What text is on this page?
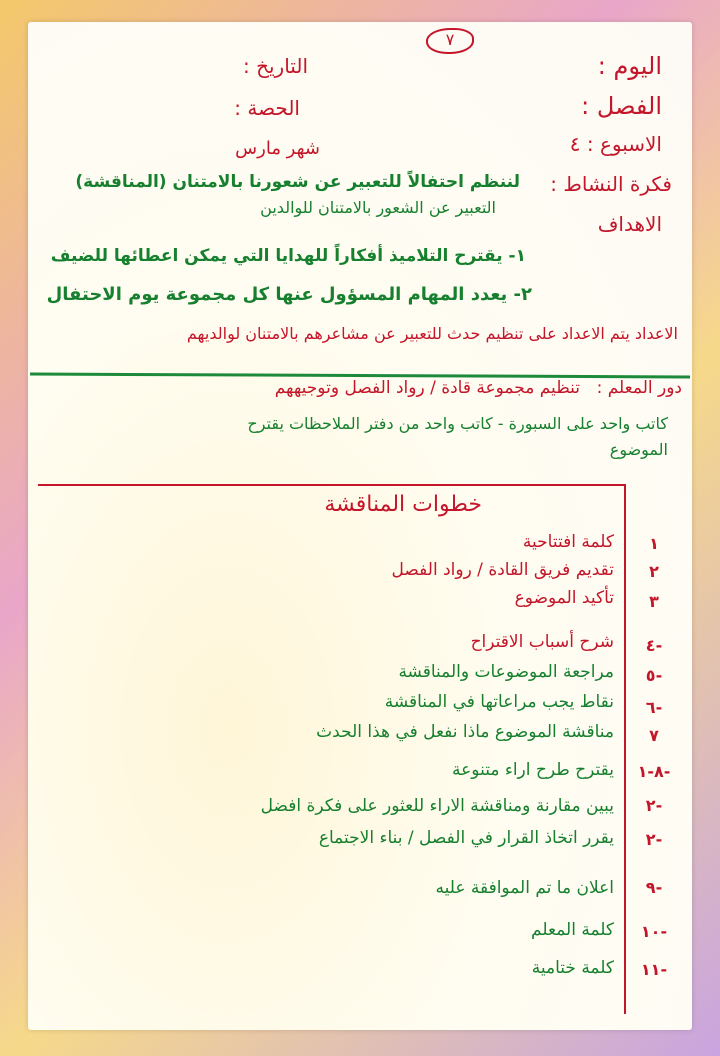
٧
اليوم :
التاريخ :
الفصل :
الحصة :
الاسبوع : ٤
شهر مارس
فكرة النشاط :
لننظم احتفالاً للتعبير عن شعورنا بالامتنان (المناقشة)
التعبير عن الشعور بالامتنان للوالدين
الاهداف
١- يقترح التلاميذ أفكاراً للهدايا التي يمكن اعطائها للضيف
٢- يعدد المهام المسؤول عنها كل مجموعة يوم الاحتفال
الاعداد يتم الاعداد على تنظيم حدث للتعبير عن مشاعرهم بالامتنان لوالديهم
دور المعلم :
تنظيم مجموعة قادة / رواد الفصل وتوجيههم
كاتب واحد على السبورة - كاتب واحد من دفتر الملاحظات يقترح
الموضوع
خطوات المناقشة
١
كلمة افتتاحية
٢
تقديم فريق القادة / رواد الفصل
٣
تأكيد الموضوع
٤-
شرح أسباب الاقتراح
٥-
مراجعة الموضوعات والمناقشة
٦-
نقاط يجب مراعاتها في المناقشة
٧
مناقشة الموضوع ماذا نفعل في هذا الحدث
٨-١-
يقترح طرح اراء متنوعة
٢-
يبين مقارنة ومناقشة الاراء للعثور على فكرة افضل
٢-
يقرر اتخاذ القرار في الفصل / بناء الاجتماع
٩-
اعلان ما تم الموافقة عليه
١٠-
كلمة المعلم
١١-
كلمة ختامية
